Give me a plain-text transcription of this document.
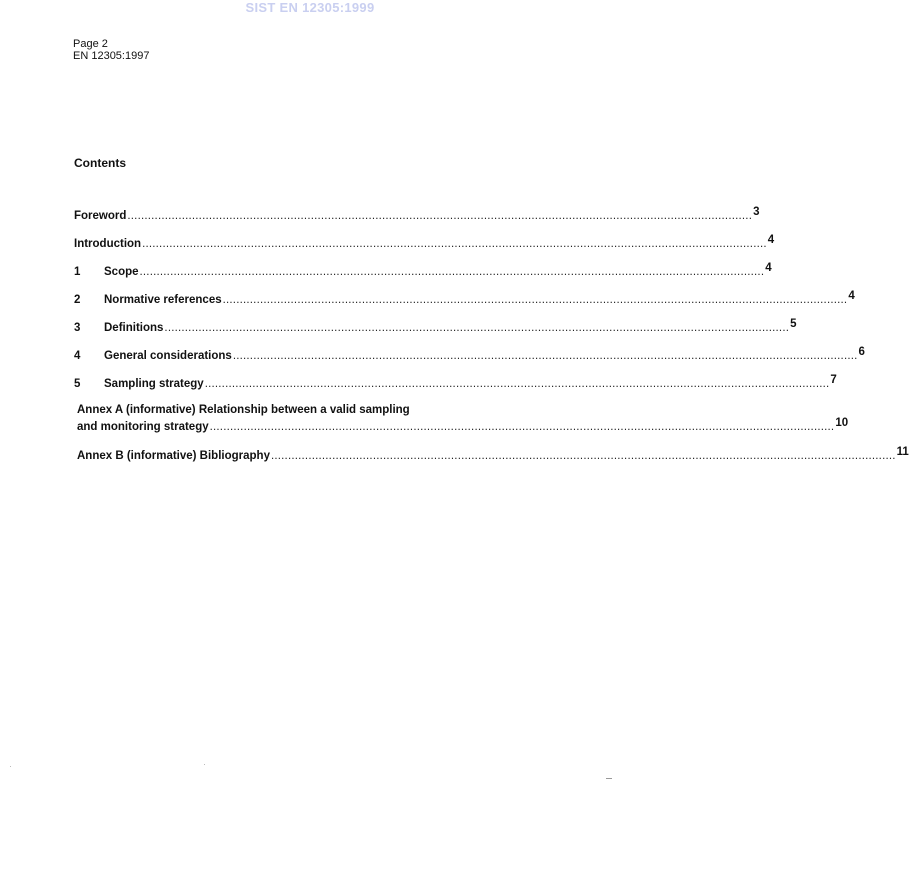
SIST EN 12305:1999
Page 2
EN 12305:1997
Contents
Foreword ........................................................................................................................................................................................ 3
Introduction ........................................................................................................................................................................................ 4
1	Scope ........................................................................................................................................................................................ 4
2	Normative references ........................................................................................................................................................................................ 4
3	Definitions ........................................................................................................................................................................................ 5
4	General considerations ........................................................................................................................................................................................ 6
5	Sampling strategy ........................................................................................................................................................................................ 7
Annex A (informative) Relationship between a valid sampling
and monitoring strategy ........................................................................................................................................................................................ 10
Annex B (informative) Bibliography ........................................................................................................................................................................................ 11
